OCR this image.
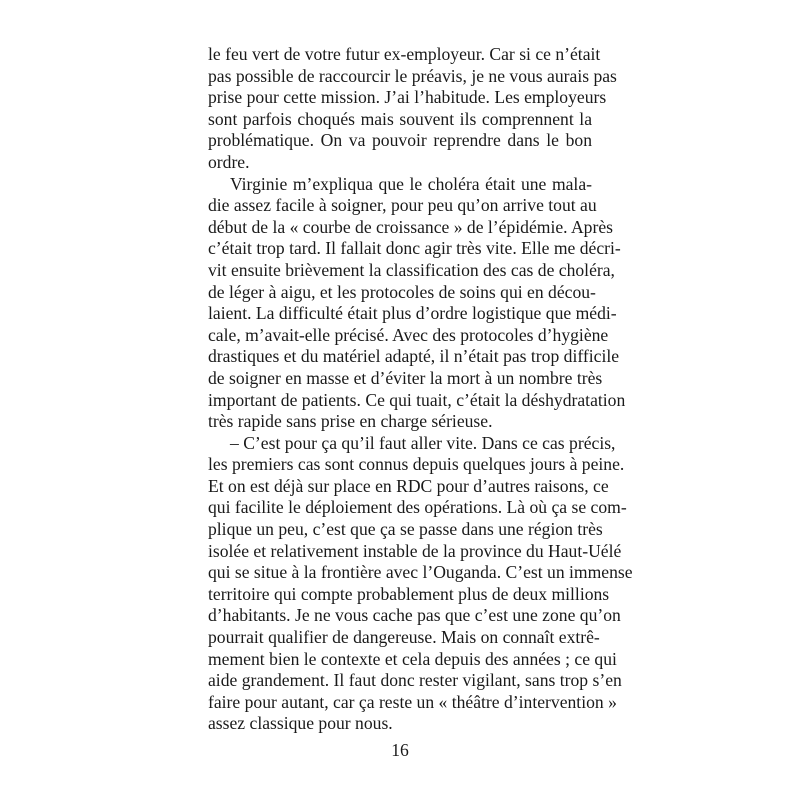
le feu vert de votre futur ex-employeur. Car si ce n’était
pas possible de raccourcir le préavis, je ne vous aurais pas
prise pour cette mission. J’ai l’habitude. Les employeurs
sont parfois choqués mais souvent ils comprennent la
problématique. On va pouvoir reprendre dans le bon
ordre.
Virginie m’expliqua que le choléra était une mala-
die assez facile à soigner, pour peu qu’on arrive tout au
début de la « courbe de croissance » de l’épidémie. Après
c’était trop tard. Il fallait donc agir très vite. Elle me décri-
vit ensuite brièvement la classification des cas de choléra,
de léger à aigu, et les protocoles de soins qui en décou-
laient. La difficulté était plus d’ordre logistique que médi-
cale, m’avait-elle précisé. Avec des protocoles d’hygiène
drastiques et du matériel adapté, il n’était pas trop difficile
de soigner en masse et d’éviter la mort à un nombre très
important de patients. Ce qui tuait, c’était la déshydratation
très rapide sans prise en charge sérieuse.
– C’est pour ça qu’il faut aller vite. Dans ce cas précis,
les premiers cas sont connus depuis quelques jours à peine.
Et on est déjà sur place en RDC pour d’autres raisons, ce
qui facilite le déploiement des opérations. Là où ça se com-
plique un peu, c’est que ça se passe dans une région très
isolée et relativement instable de la province du Haut-Uélé
qui se situe à la frontière avec l’Ouganda. C’est un immense
territoire qui compte probablement plus de deux millions
d’habitants. Je ne vous cache pas que c’est une zone qu’on
pourrait qualifier de dangereuse. Mais on connaît extrê-
mement bien le contexte et cela depuis des années ; ce qui
aide grandement. Il faut donc rester vigilant, sans trop s’en
faire pour autant, car ça reste un « théâtre d’intervention »
assez classique pour nous.
16
